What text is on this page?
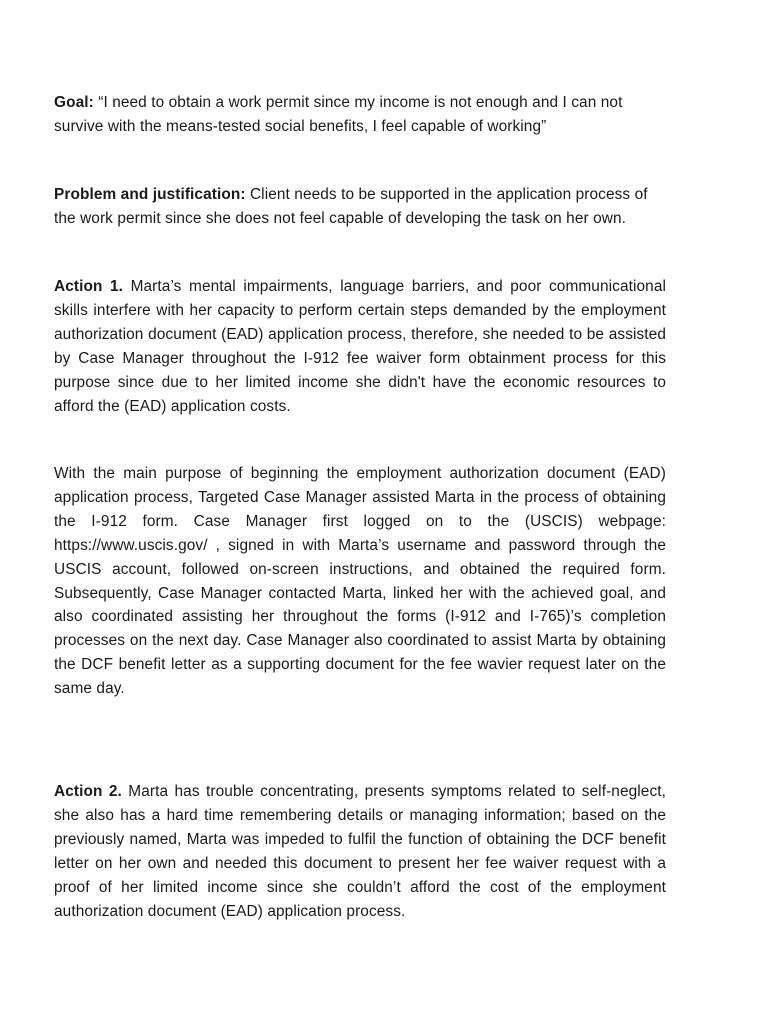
Goal: “I need to obtain a work permit since my income is not enough and I can not survive with the means-tested social benefits, I feel capable of working”

Problem and justification: Client needs to be supported in the application process of the work permit since she does not feel capable of developing the task on her own.

Action 1. Marta’s mental impairments, language barriers, and poor communicational skills interfere with her capacity to perform certain steps demanded by the employment authorization document (EAD) application process, therefore, she needed to be assisted by Case Manager throughout the I-912 fee waiver form obtainment process for this purpose since due to her limited income she didn't have the economic resources to afford the (EAD) application costs.

With the main purpose of beginning the employment authorization document (EAD) application process, Targeted Case Manager assisted Marta in the process of obtaining the I-912 form. Case Manager first logged on to the (USCIS) webpage: https://www.uscis.gov/ , signed in with Marta’s username and password through the USCIS account, followed on-screen instructions, and obtained the required form. Subsequently, Case Manager contacted Marta, linked her with the achieved goal, and also coordinated assisting her throughout the forms (I-912 and I-765)’s completion processes on the next day. Case Manager also coordinated to assist Marta by obtaining the DCF benefit letter as a supporting document for the fee wavier request later on the same day.

Action 2. Marta has trouble concentrating, presents symptoms related to self-neglect, she also has a hard time remembering details or managing information; based on the previously named, Marta was impeded to fulfil the function of obtaining the DCF benefit letter on her own and needed this document to present her fee waiver request with a proof of her limited income since she couldn’t afford the cost of the employment authorization document (EAD) application process.
